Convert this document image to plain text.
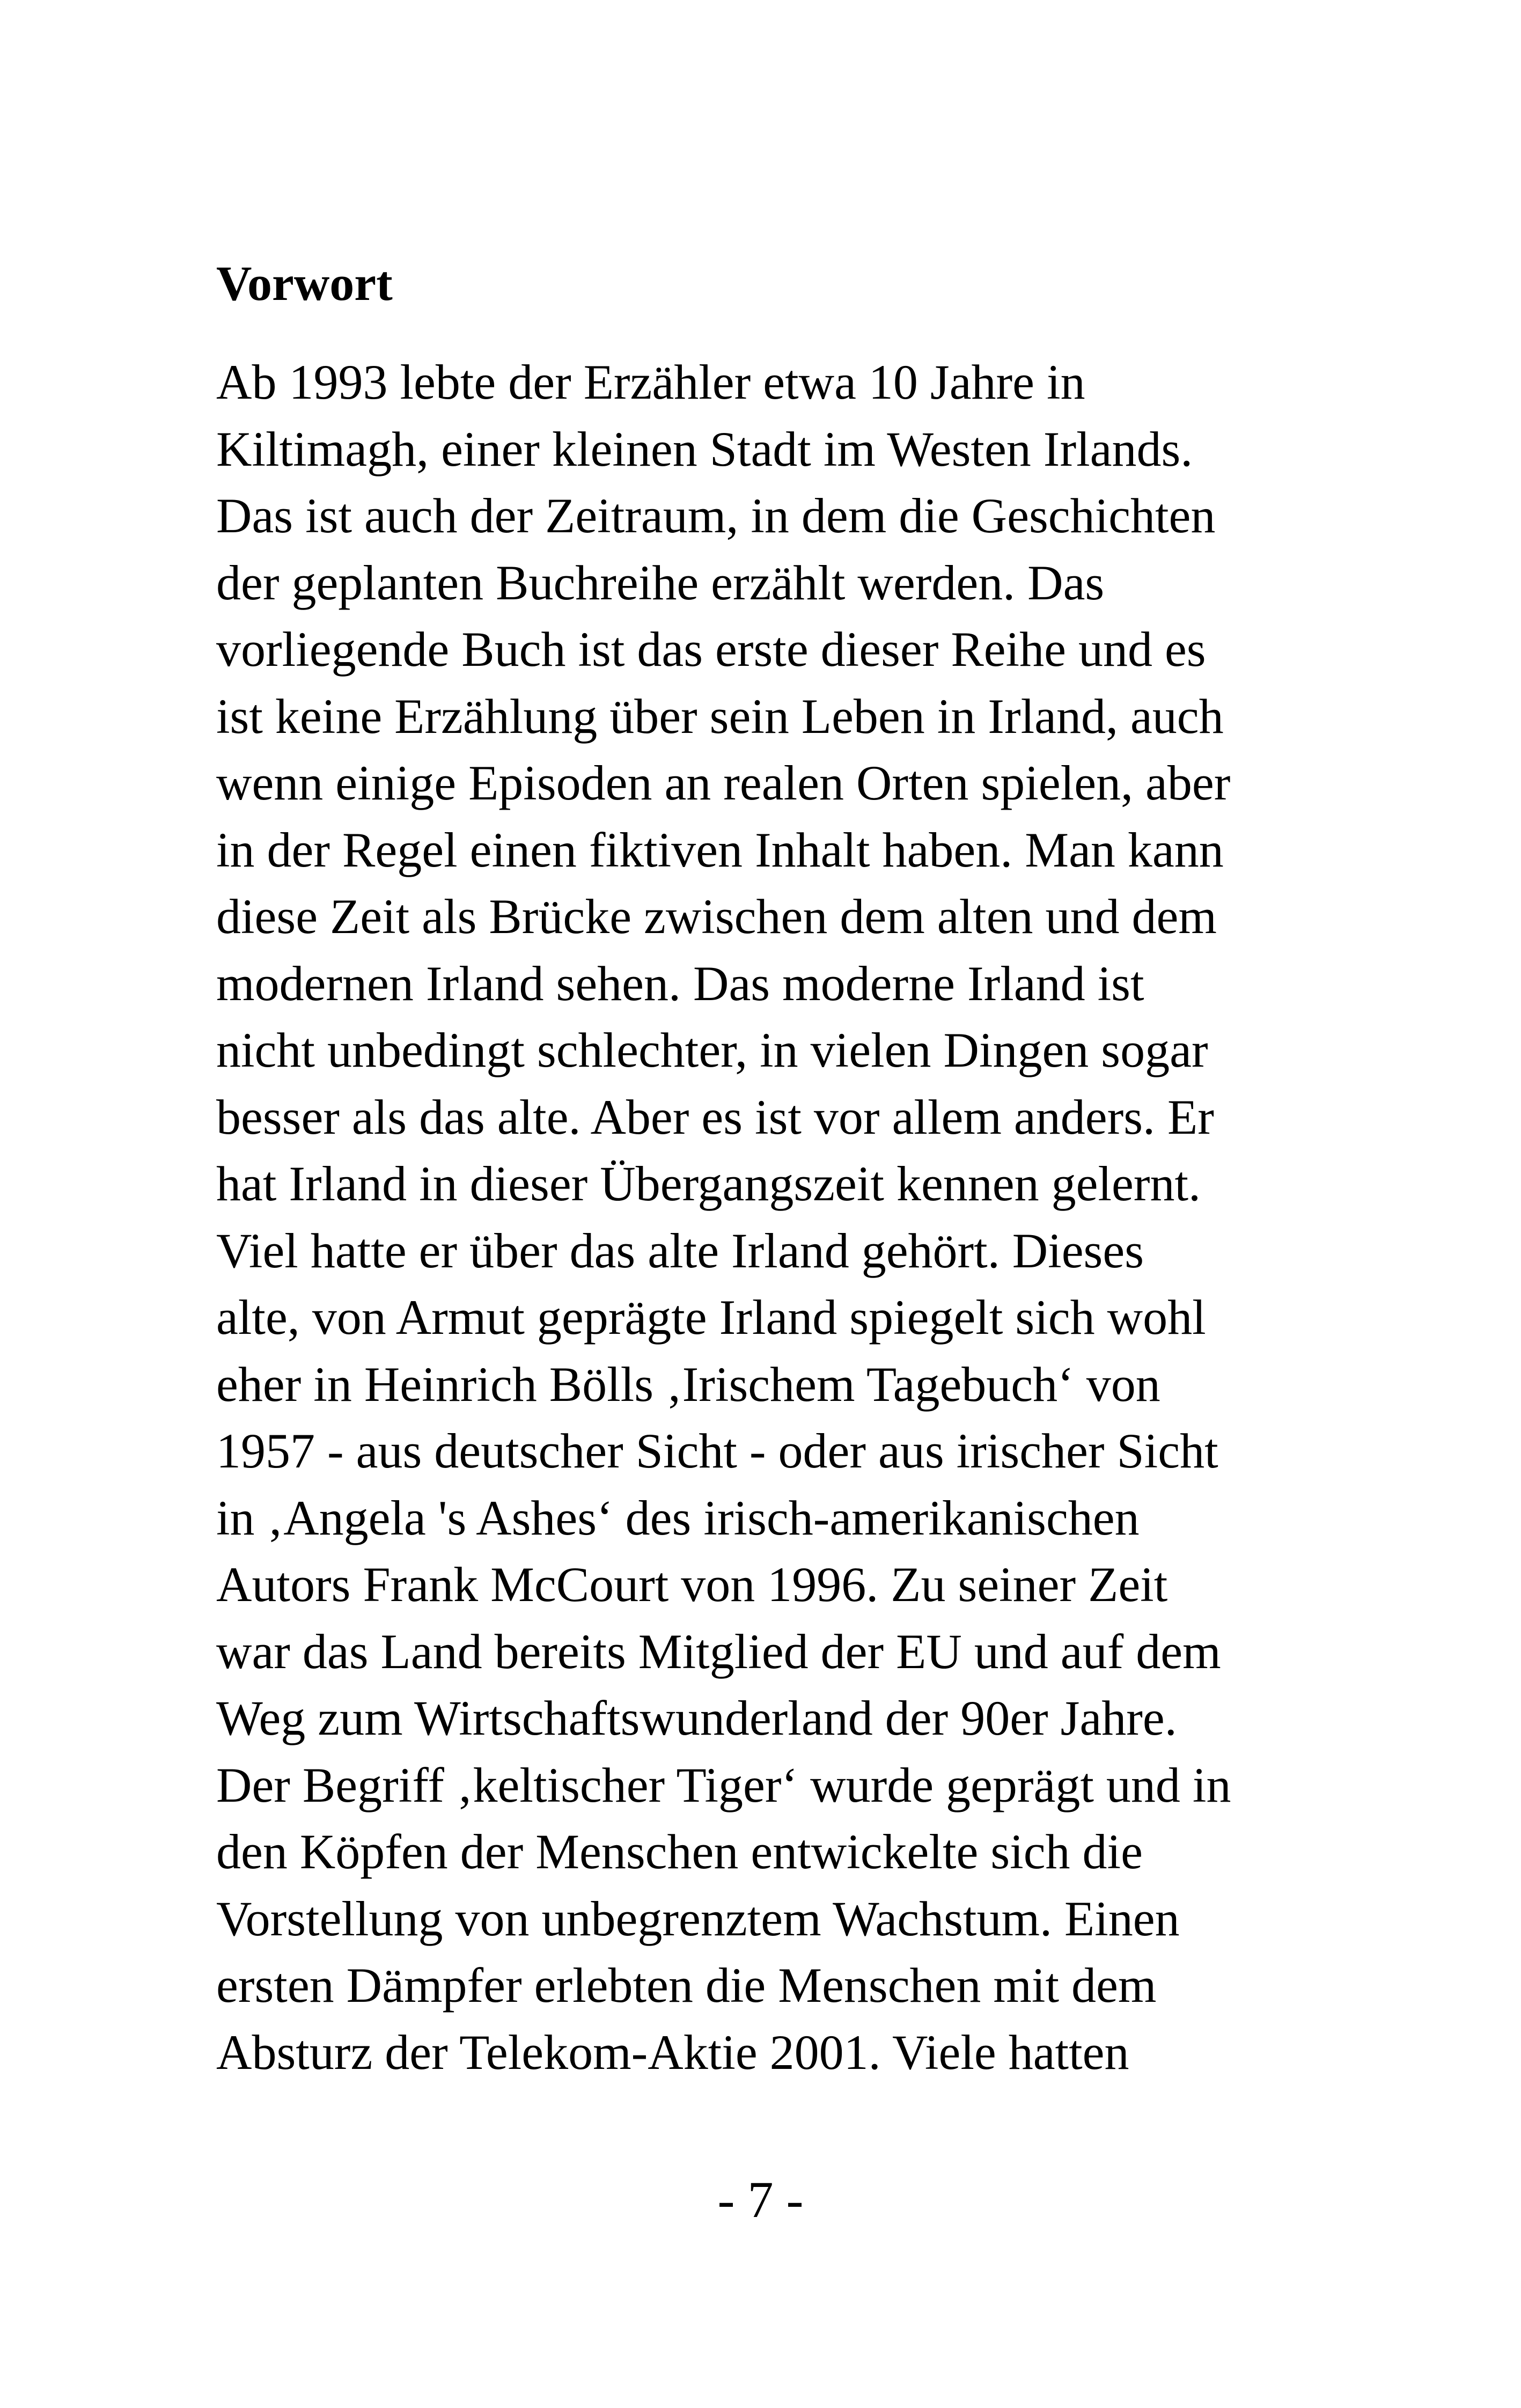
Vorwort
Ab 1993 lebte der Erzähler etwa 10 Jahre in
Kiltimagh, einer kleinen Stadt im Westen Irlands.
Das ist auch der Zeitraum, in dem die Geschichten
der geplanten Buchreihe erzählt werden. Das
vorliegende Buch ist das erste dieser Reihe und es
ist keine Erzählung über sein Leben in Irland, auch
wenn einige Episoden an realen Orten spielen, aber
in der Regel einen fiktiven Inhalt haben. Man kann
diese Zeit als Brücke zwischen dem alten und dem
modernen Irland sehen. Das moderne Irland ist
nicht unbedingt schlechter, in vielen Dingen sogar
besser als das alte. Aber es ist vor allem anders. Er
hat Irland in dieser Übergangszeit kennen gelernt.
Viel hatte er über das alte Irland gehört. Dieses
alte, von Armut geprägte Irland spiegelt sich wohl
eher in Heinrich Bölls ‚Irischem Tagebuch‘ von
1957 - aus deutscher Sicht - oder aus irischer Sicht
in ‚Angela 's Ashes‘ des irisch-amerikanischen
Autors Frank McCourt von 1996. Zu seiner Zeit
war das Land bereits Mitglied der EU und auf dem
Weg zum Wirtschaftswunderland der 90er Jahre.
Der Begriff ‚keltischer Tiger‘ wurde geprägt und in
den Köpfen der Menschen entwickelte sich die
Vorstellung von unbegrenztem Wachstum. Einen
ersten Dämpfer erlebten die Menschen mit dem
Absturz der Telekom-Aktie 2001. Viele hatten
- 7 -
